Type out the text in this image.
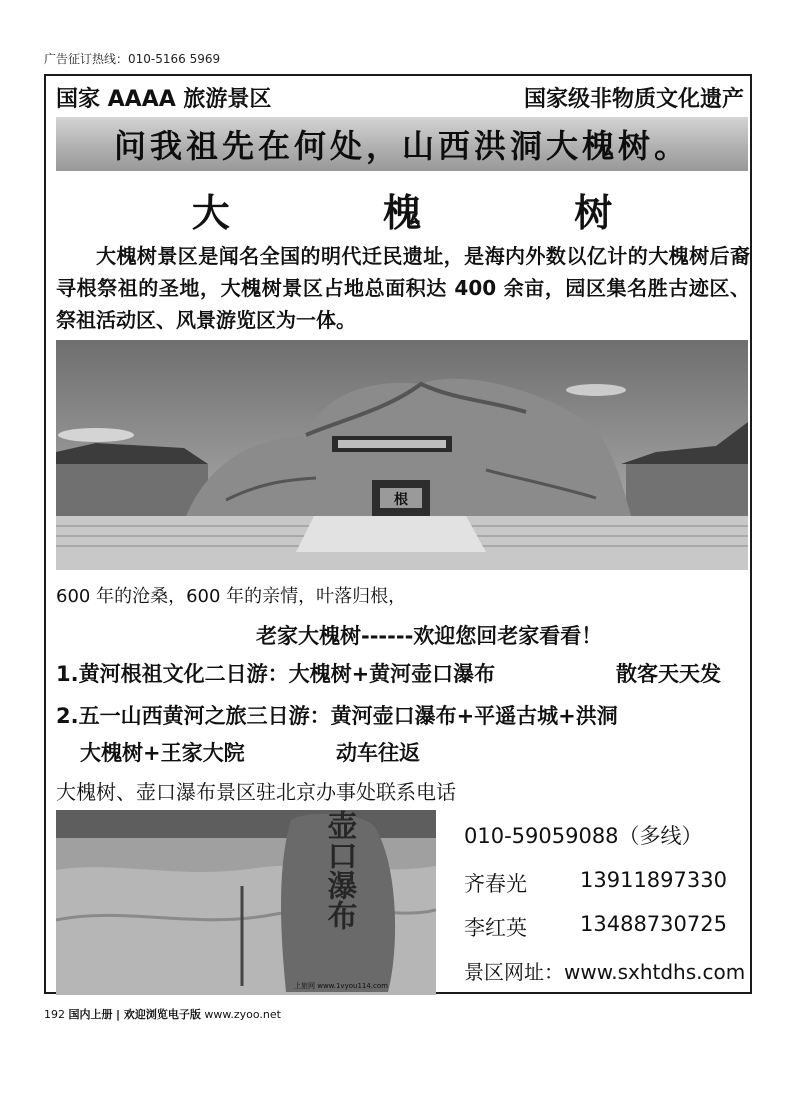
广告征订热线：010-5166 5969
国家 AAAA 旅游景区	国家级非物质文化遗产
问我祖先在何处，山西洪洞大槐树。
大 槐 树
大槐树景区是闻名全国的明代迁民遗址，是海内外数以亿计的大槐树后裔寻根祭祖的圣地，大槐树景区占地总面积达 400 余亩，园区集名胜古迹区、祭祖活动区、风景游览区为一体。
根
600 年的沧桑，600 年的亲情，叶落归根，
老家大槐树------欢迎您回老家看看！
1.黄河根祖文化二日游：大槐树+黄河壶口瀑布	散客天天发
2.五一山西黄河之旅三日游：黄河壶口瀑布+平遥古城+洪洞
大槐树+王家大院	动车往返
大槐树、壶口瀑布景区驻北京办事处联系电话
壶口瀑布
上旅网 www.1vyou114.com
010-59059088（多线）
齐春光	13911897330
李红英	13488730725
景区网址：www.sxhtdhs.com
192 国内上册 | 欢迎浏览电子版 www.zyoo.net
